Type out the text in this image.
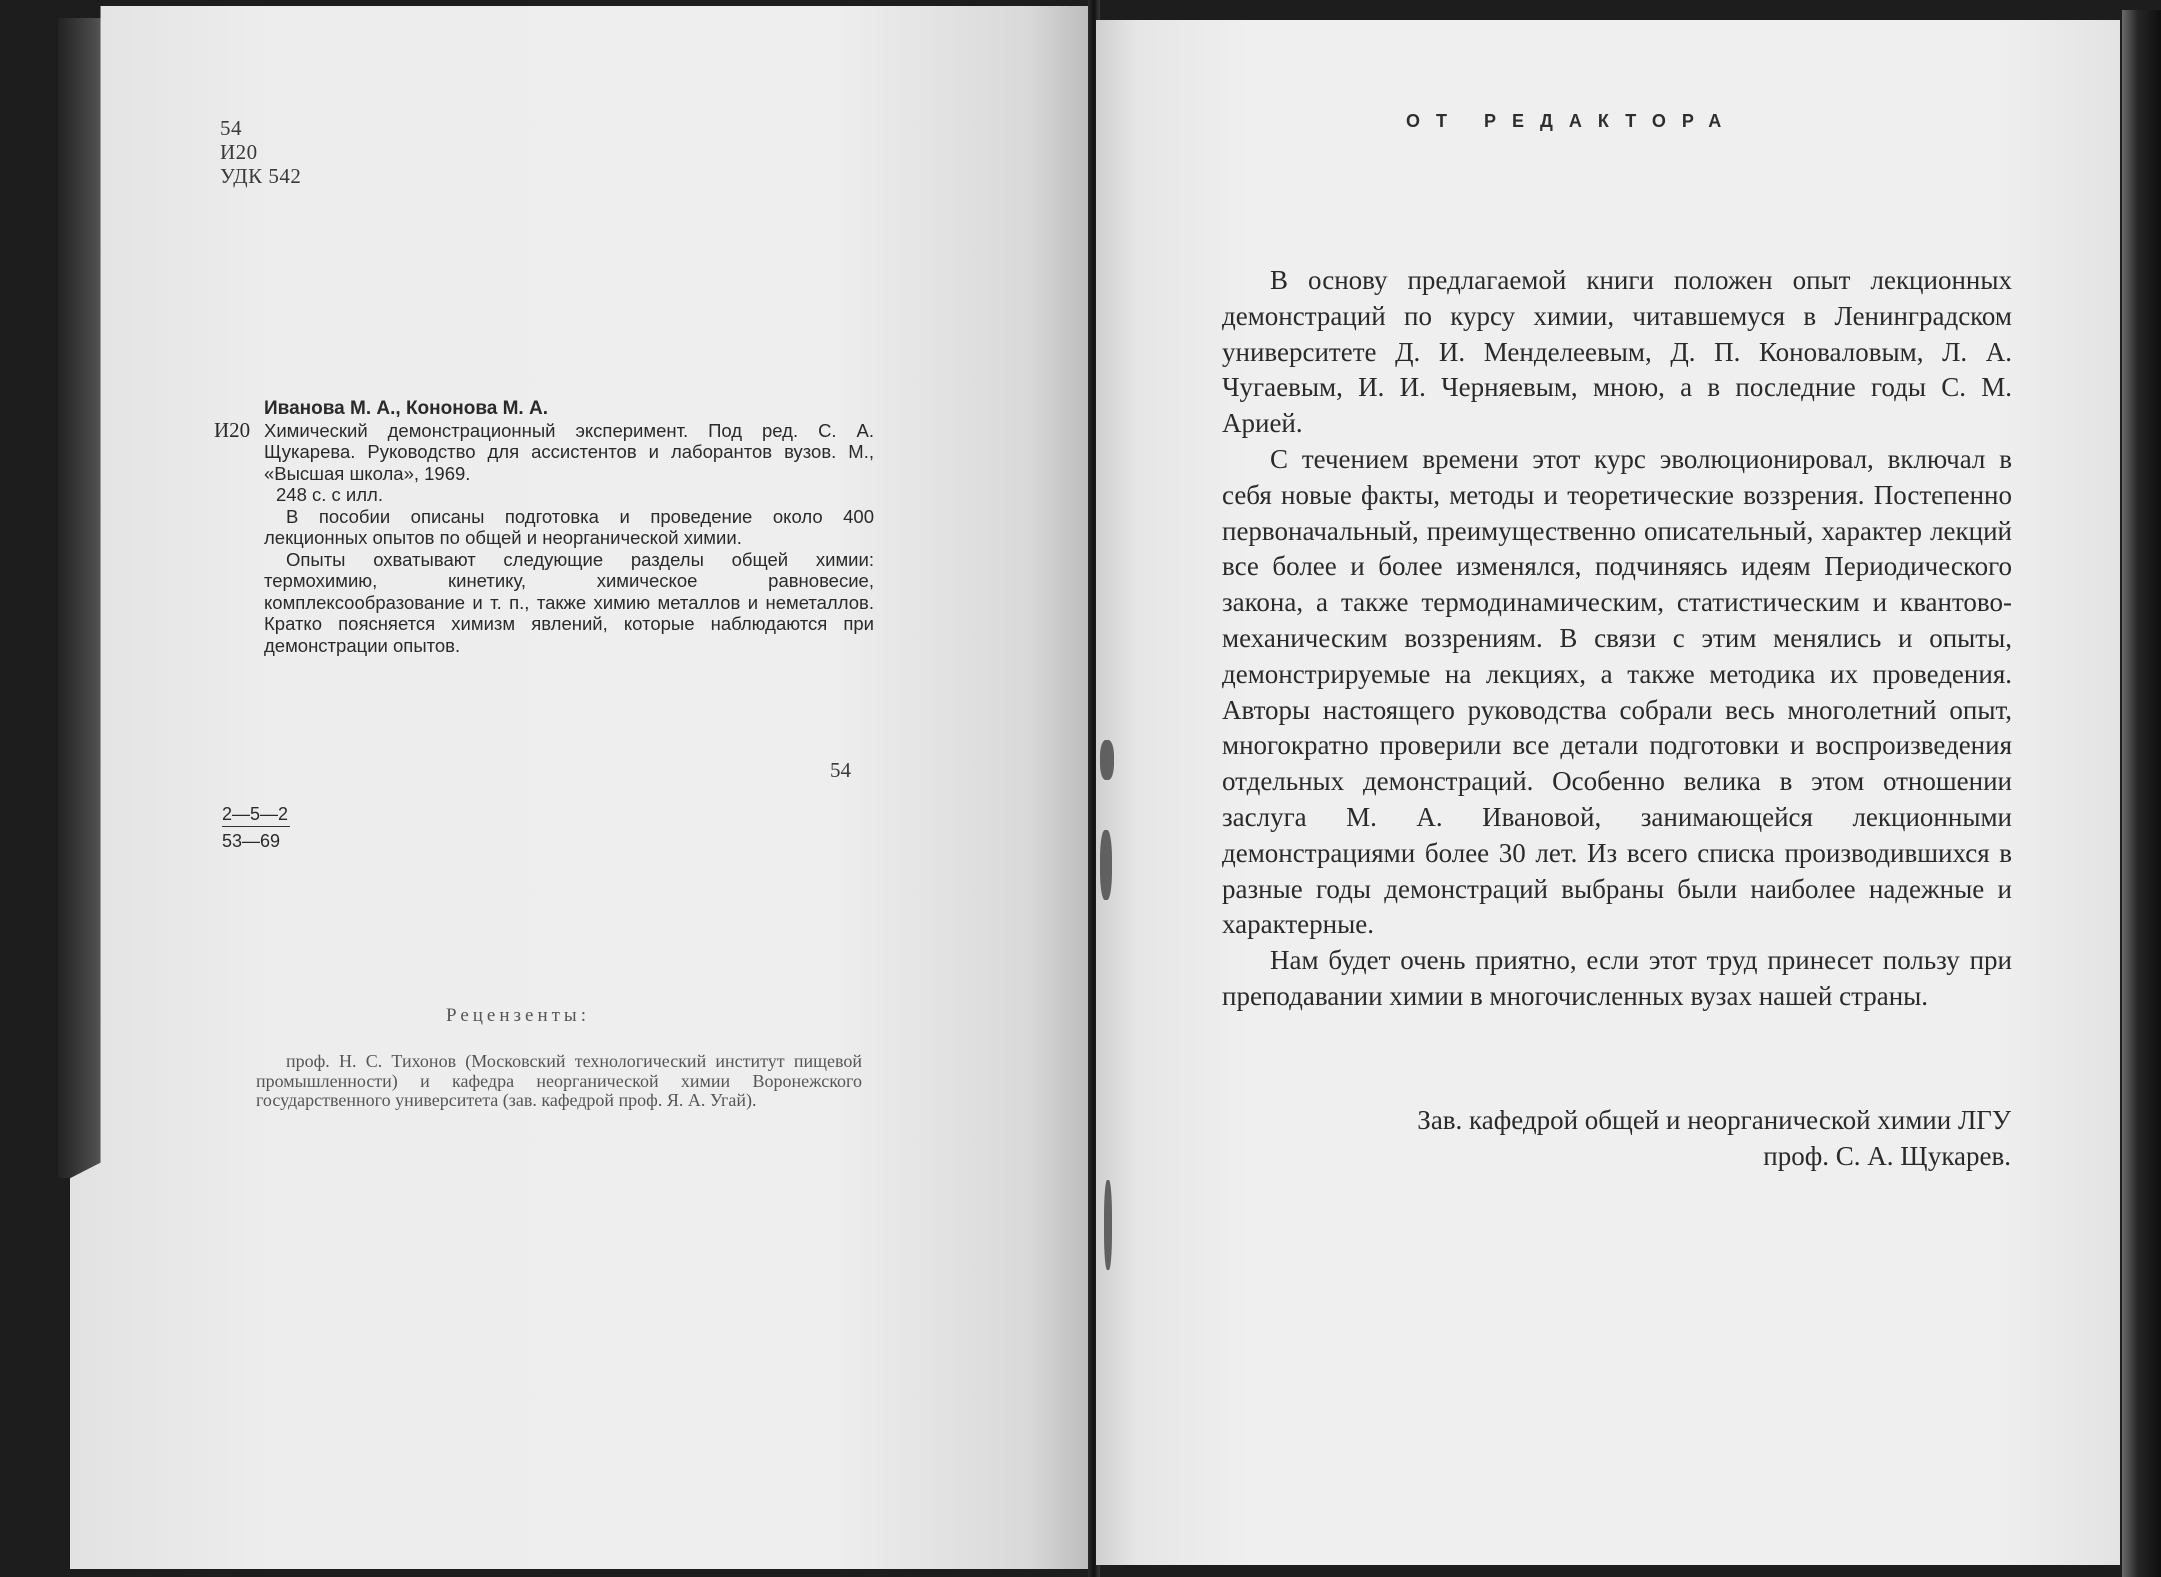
54
И20
УДК 542
Иванова М. А., Кононова М. А.
И20 Химический демонстрационный эксперимент. Под ред. С. А. Щукарева. Руководство для ассистентов и лаборантов вузов. М., «Высшая школа», 1969.
248 с. с илл.
В пособии описаны подготовка и проведение около 400 лекционных опытов по общей и неорганической химии.
Опыты охватывают следующие разделы общей химии: термохимию, кинетику, химическое равновесие, комплексообразование и т. п., также химию металлов и неметаллов. Кратко поясняется химизм явлений, которые наблюдаются при демонстрации опытов.
54
$\frac{2—5—2}{53—69}$
Рецензенты:
проф. Н. С. Тихонов (Московский технологический институт пищевой промышленности) и кафедра неорганической химии Воронежского государственного университета (зав. кафедрой проф. Я. А. Угай).
ОТ РЕДАКТОРА

В основу предлагаемой книги положен опыт лекционных демонстраций по курсу химии, читавшемуся в Ленинградском университете Д. И. Менделеевым, Д. П. Коноваловым, Л. А. Чугаевым, И. И. Черняевым, мною, а в последние годы С. М. Арией.

С течением времени этот курс эволюционировал, включал в себя новые факты, методы и теоретические воззрения. Постепенно первоначальный, преимущественно описательный, характер лекций все более и более изменялся, подчиняясь идеям Периодического закона, а также термодинамическим, статистическим и квантово-механическим воззрениям. В связи с этим менялись и опыты, демонстрируемые на лекциях, а также методика их проведения. Авторы настоящего руководства собрали весь многолетний опыт, многократно проверили все детали подготовки и воспроизведения отдельных демонстраций. Особенно велика в этом отношении заслуга М. А. Ивановой, занимающейся лекционными демонстрациями более 30 лет. Из всего списка производившихся в разные годы демонстраций выбраны были наиболее надежные и характерные.

Нам будет очень приятно, если этот труд принесет пользу при преподавании химии в многочисленных вузах нашей страны.

Зав. кафедрой общей и неорганической химии ЛГУ
проф. С. А. Щукарев.
